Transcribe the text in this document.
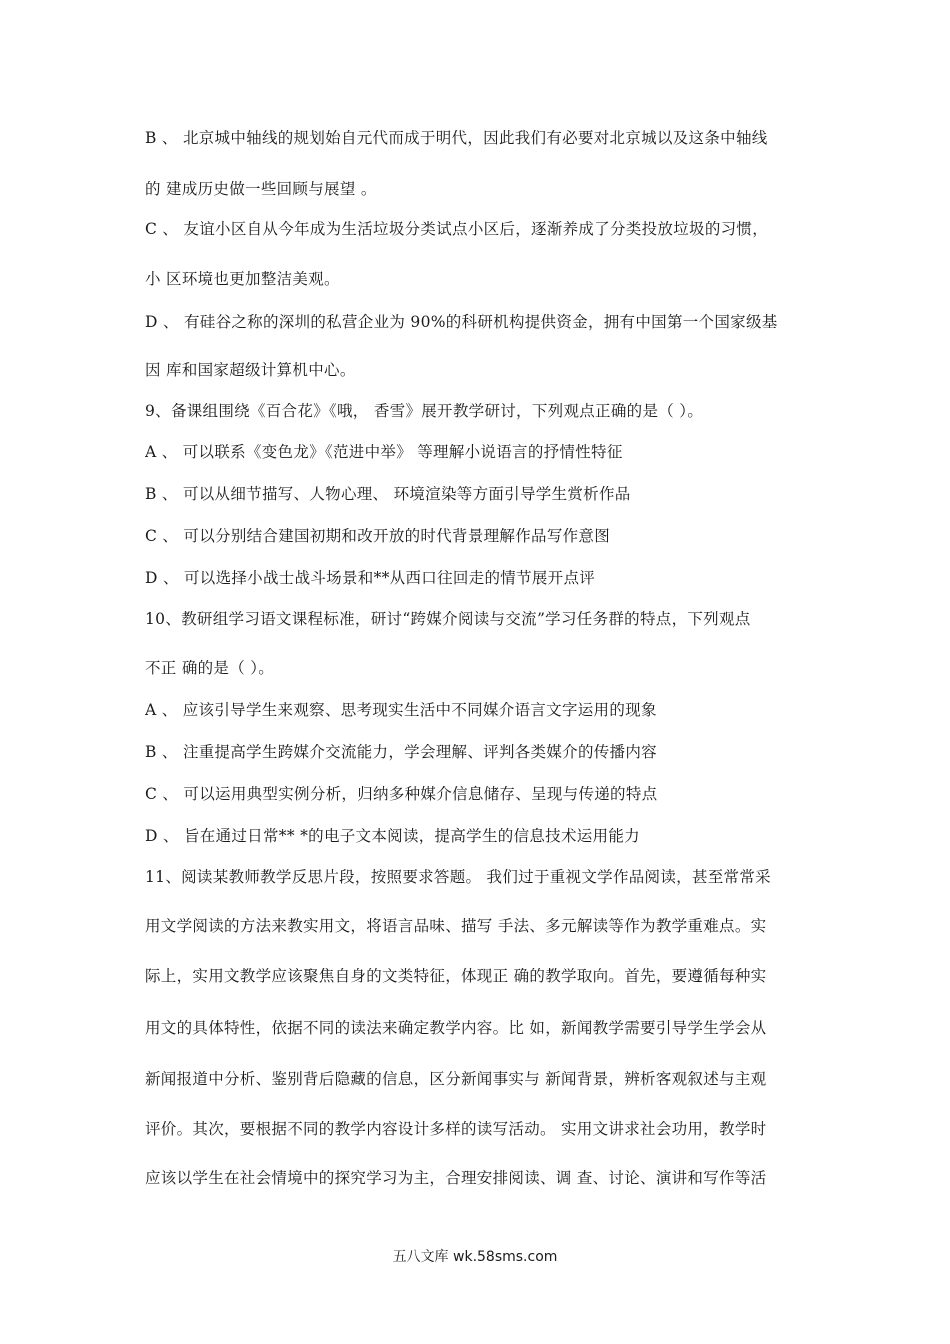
B 、 北京城中轴线的规划始自元代而成于明代，因此我们有必要对北京城以及这条中轴线
的 建成历史做一些回顾与展望 。
C 、 友谊小区自从今年成为生活垃圾分类试点小区后，逐渐养成了分类投放垃圾的习惯，
小 区环境也更加整洁美观。
D 、 有硅谷之称的深圳的私营企业为 90%的科研机构提供资金，拥有中国第一个国家级基
因 库和国家超级计算机中心。
9、备课组围绕《百合花》《哦， 香雪》展开教学研讨，下列观点正确的是（ ）。
A 、 可以联系《变色龙》《范进中举》 等理解小说语言的抒情性特征
B 、 可以从细节描写、人物心理、 环境渲染等方面引导学生赏析作品
C 、 可以分别结合建国初期和改开放的时代背景理解作品写作意图
D 、 可以选择小战士战斗场景和**从西口往回走的情节展开点评
10、教研组学习语文课程标准，研讨“跨媒介阅读与交流”学习任务群的特点，下列观点
不正 确的是（ ）。
A 、 应该引导学生来观察、思考现实生活中不同媒介语言文字运用的现象
B 、 注重提高学生跨媒介交流能力，学会理解、评判各类媒介的传播内容
C 、 可以运用典型实例分析，归纳多种媒介信息储存、呈现与传递的特点
D 、 旨在通过日常** *的电子文本阅读，提高学生的信息技术运用能力
11、阅读某教师教学反思片段，按照要求答题。 我们过于重视文学作品阅读，甚至常常采
用文学阅读的方法来教实用文，将语言品味、描写 手法、多元解读等作为教学重难点。实
际上，实用文教学应该聚焦自身的文类特征，体现正 确的教学取向。首先，要遵循每种实
用文的具体特性，依据不同的读法来确定教学内容。比 如，新闻教学需要引导学生学会从
新闻报道中分析、鉴别背后隐藏的信息，区分新闻事实与 新闻背景，辨析客观叙述与主观
评价。其次，要根据不同的教学内容设计多样的读写活动。 实用文讲求社会功用，教学时
应该以学生在社会情境中的探究学习为主，合理安排阅读、调 查、讨论、演讲和写作等活
五八文库 wk.58sms.com
